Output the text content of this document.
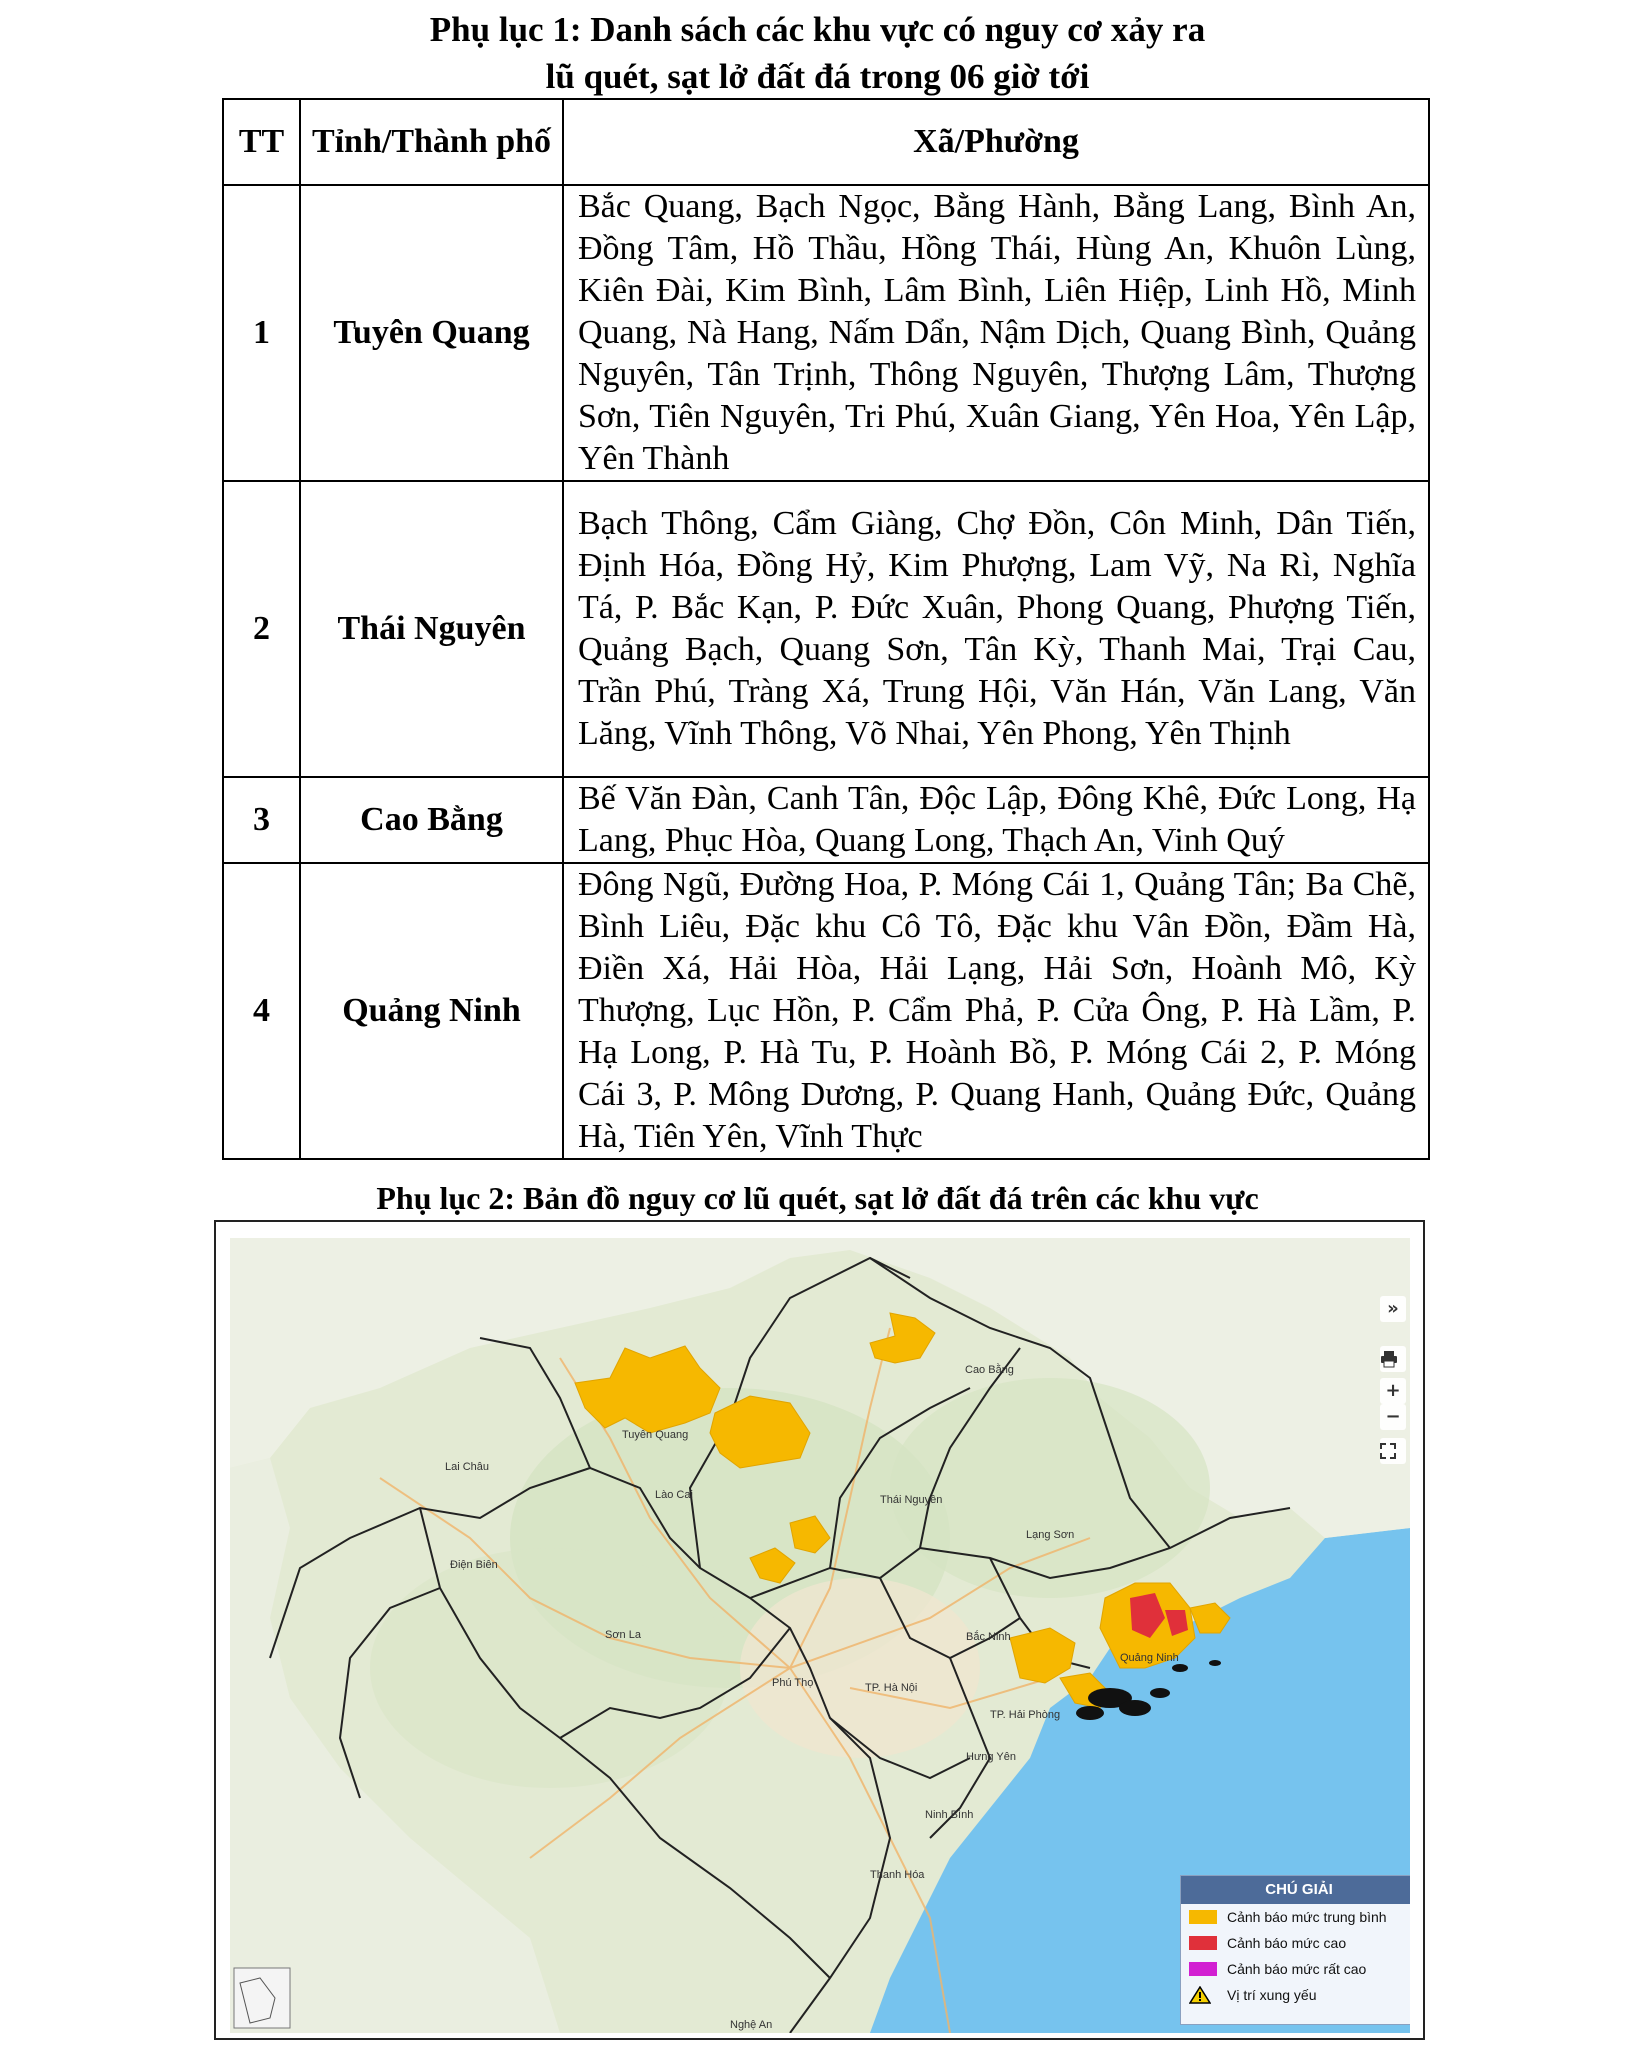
Phụ lục 1: Danh sách các khu vực có nguy cơ xảy ra
lũ quét, sạt lở đất đá trong 06 giờ tới
TT	Tỉnh/Thành phố	Xã/Phường
1	Tuyên Quang	Bắc Quang, Bạch Ngọc, Bằng Hành, Bằng Lang, Bình An, Đồng Tâm, Hồ Thầu, Hồng Thái, Hùng An, Khuôn Lùng, Kiên Đài, Kim Bình, Lâm Bình, Liên Hiệp, Linh Hồ, Minh Quang, Nà Hang, Nấm Dẩn, Nậm Dịch, Quang Bình, Quảng Nguyên, Tân Trịnh, Thông Nguyên, Thượng Lâm, Thượng Sơn, Tiên Nguyên, Tri Phú, Xuân Giang, Yên Hoa, Yên Lập, Yên Thành
2	Thái Nguyên	Bạch Thông, Cẩm Giàng, Chợ Đồn, Côn Minh, Dân Tiến, Định Hóa, Đồng Hỷ, Kim Phượng, Lam Vỹ, Na Rì, Nghĩa Tá, P. Bắc Kạn, P. Đức Xuân, Phong Quang, Phượng Tiến, Quảng Bạch, Quang Sơn, Tân Kỳ, Thanh Mai, Trại Cau, Trần Phú, Tràng Xá, Trung Hội, Văn Hán, Văn Lang, Văn Lăng, Vĩnh Thông, Võ Nhai, Yên Phong, Yên Thịnh
3	Cao Bằng	Bế Văn Đàn, Canh Tân, Độc Lập, Đông Khê, Đức Long, Hạ Lang, Phục Hòa, Quang Long, Thạch An, Vinh Quý
4	Quảng Ninh	Đông Ngũ, Đường Hoa, P. Móng Cái 1, Quảng Tân; Ba Chẽ, Bình Liêu, Đặc khu Cô Tô, Đặc khu Vân Đồn, Đầm Hà, Điền Xá, Hải Hòa, Hải Lạng, Hải Sơn, Hoành Mô, Kỳ Thượng, Lục Hồn, P. Cẩm Phả, P. Cửa Ông, P. Hà Lầm, P. Hạ Long, P. Hà Tu, P. Hoành Bồ, P. Móng Cái 2, P. Móng Cái 3, P. Mông Dương, P. Quang Hanh, Quảng Đức, Quảng Hà, Tiên Yên, Vĩnh Thực
Phụ lục 2: Bản đồ nguy cơ lũ quét, sạt lở đất đá trên các khu vực
Tuyên Quang
Cao Bằng
Lai Châu
Lào Cai	Thái Nguyên
Lạng Sơn
Điện Biên
Sơn La	Bắc Ninh
Quảng Ninh
Phú Thọ	TP. Hà Nội
TP. Hải Phòng
Hưng Yên
Ninh Bình
Thanh Hóa
Nghệ An
»
+
−
CHÚ GIẢI
Cảnh báo mức trung bình
Cảnh báo mức cao
Cảnh báo mức rất cao
Vị trí xung yếu
